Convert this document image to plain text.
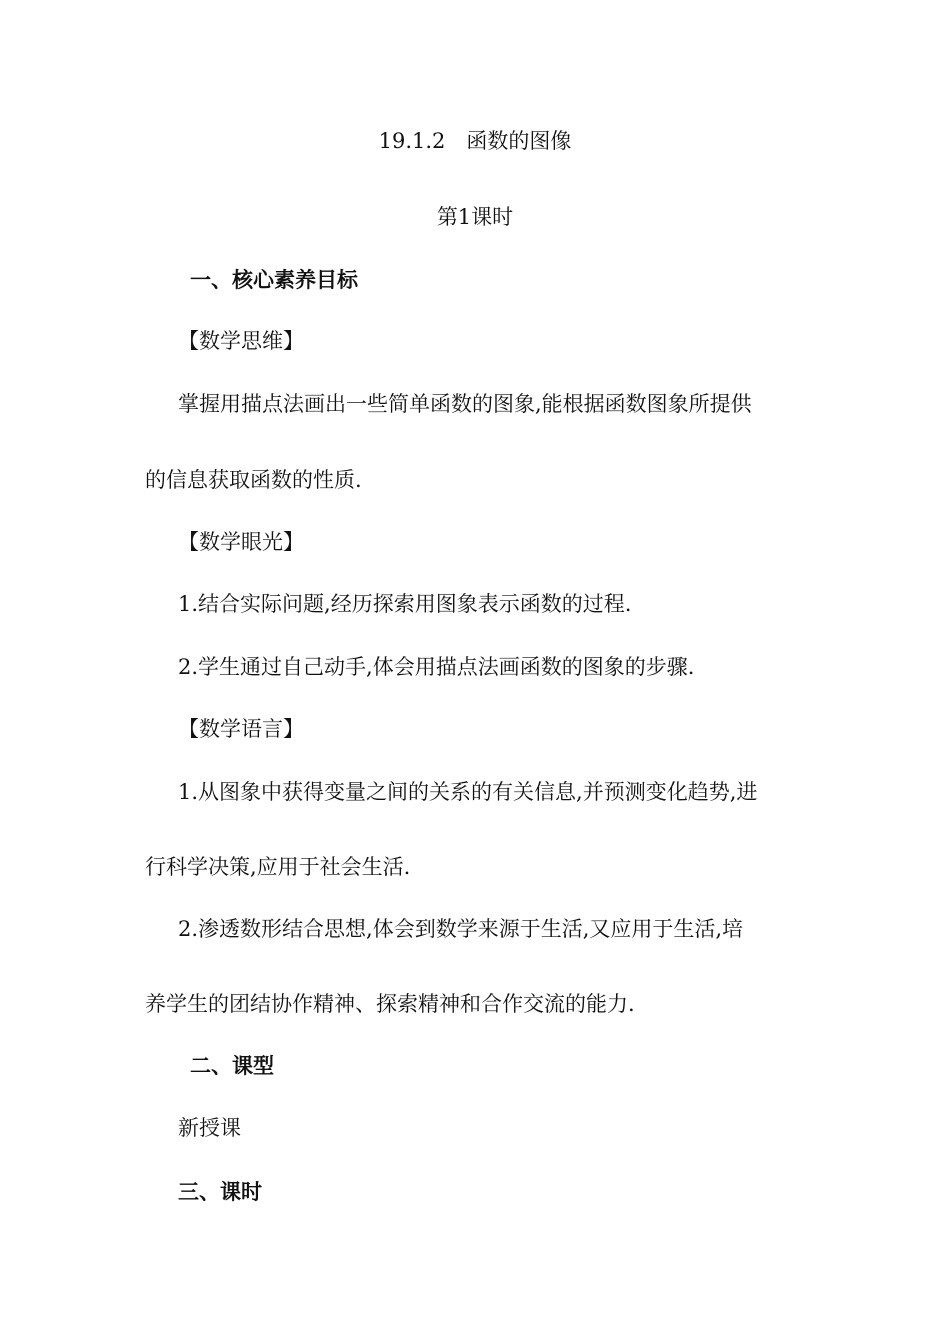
19.1.2　函数的图像
第1课时
一、核心素养目标
【数学思维】
掌握用描点法画出一些简单函数的图象,能根据函数图象所提供
的信息获取函数的性质.
【数学眼光】
1.结合实际问题,经历探索用图象表示函数的过程.
2.学生通过自己动手,体会用描点法画函数的图象的步骤.
【数学语言】
1.从图象中获得变量之间的关系的有关信息,并预测变化趋势,进
行科学决策,应用于社会生活.
2.渗透数形结合思想,体会到数学来源于生活,又应用于生活,培
养学生的团结协作精神、探索精神和合作交流的能力.
二、课型
新授课
三、课时
